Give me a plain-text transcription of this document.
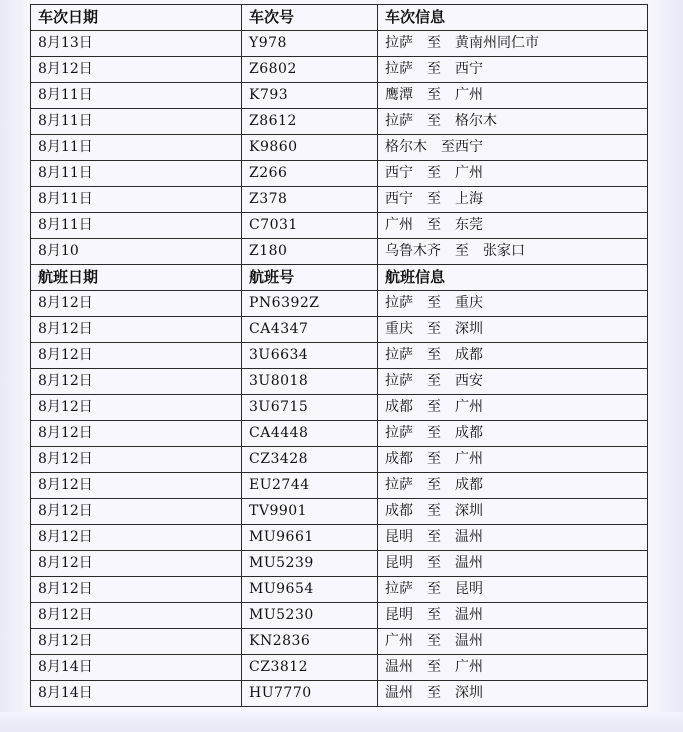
车次日期	车次号	车次信息
8月13日	Y978	拉萨　至　黄南州同仁市
8月12日	Z6802	拉萨　至　西宁
8月11日	K793	鹰潭　至　广州
8月11日	Z8612	拉萨　至　格尔木
8月11日	K9860	格尔木　至西宁
8月11日	Z266	西宁　至　广州
8月11日	Z378	西宁　至　上海
8月11日	C7031	广州　至　东莞
8月10	Z180	乌鲁木齐　至　张家口
航班日期	航班号	航班信息
8月12日	PN6392Z	拉萨　至　重庆
8月12日	CA4347	重庆　至　深圳
8月12日	3U6634	拉萨　至　成都
8月12日	3U8018	拉萨　至　西安
8月12日	3U6715	成都　至　广州
8月12日	CA4448	拉萨　至　成都
8月12日	CZ3428	成都　至　广州
8月12日	EU2744	拉萨　至　成都
8月12日	TV9901	成都　至　深圳
8月12日	MU9661	昆明　至　温州
8月12日	MU5239	昆明　至　温州
8月12日	MU9654	拉萨　至　昆明
8月12日	MU5230	昆明　至　温州
8月12日	KN2836	广州　至　温州
8月14日	CZ3812	温州　至　广州
8月14日	HU7770	温州　至　深圳
